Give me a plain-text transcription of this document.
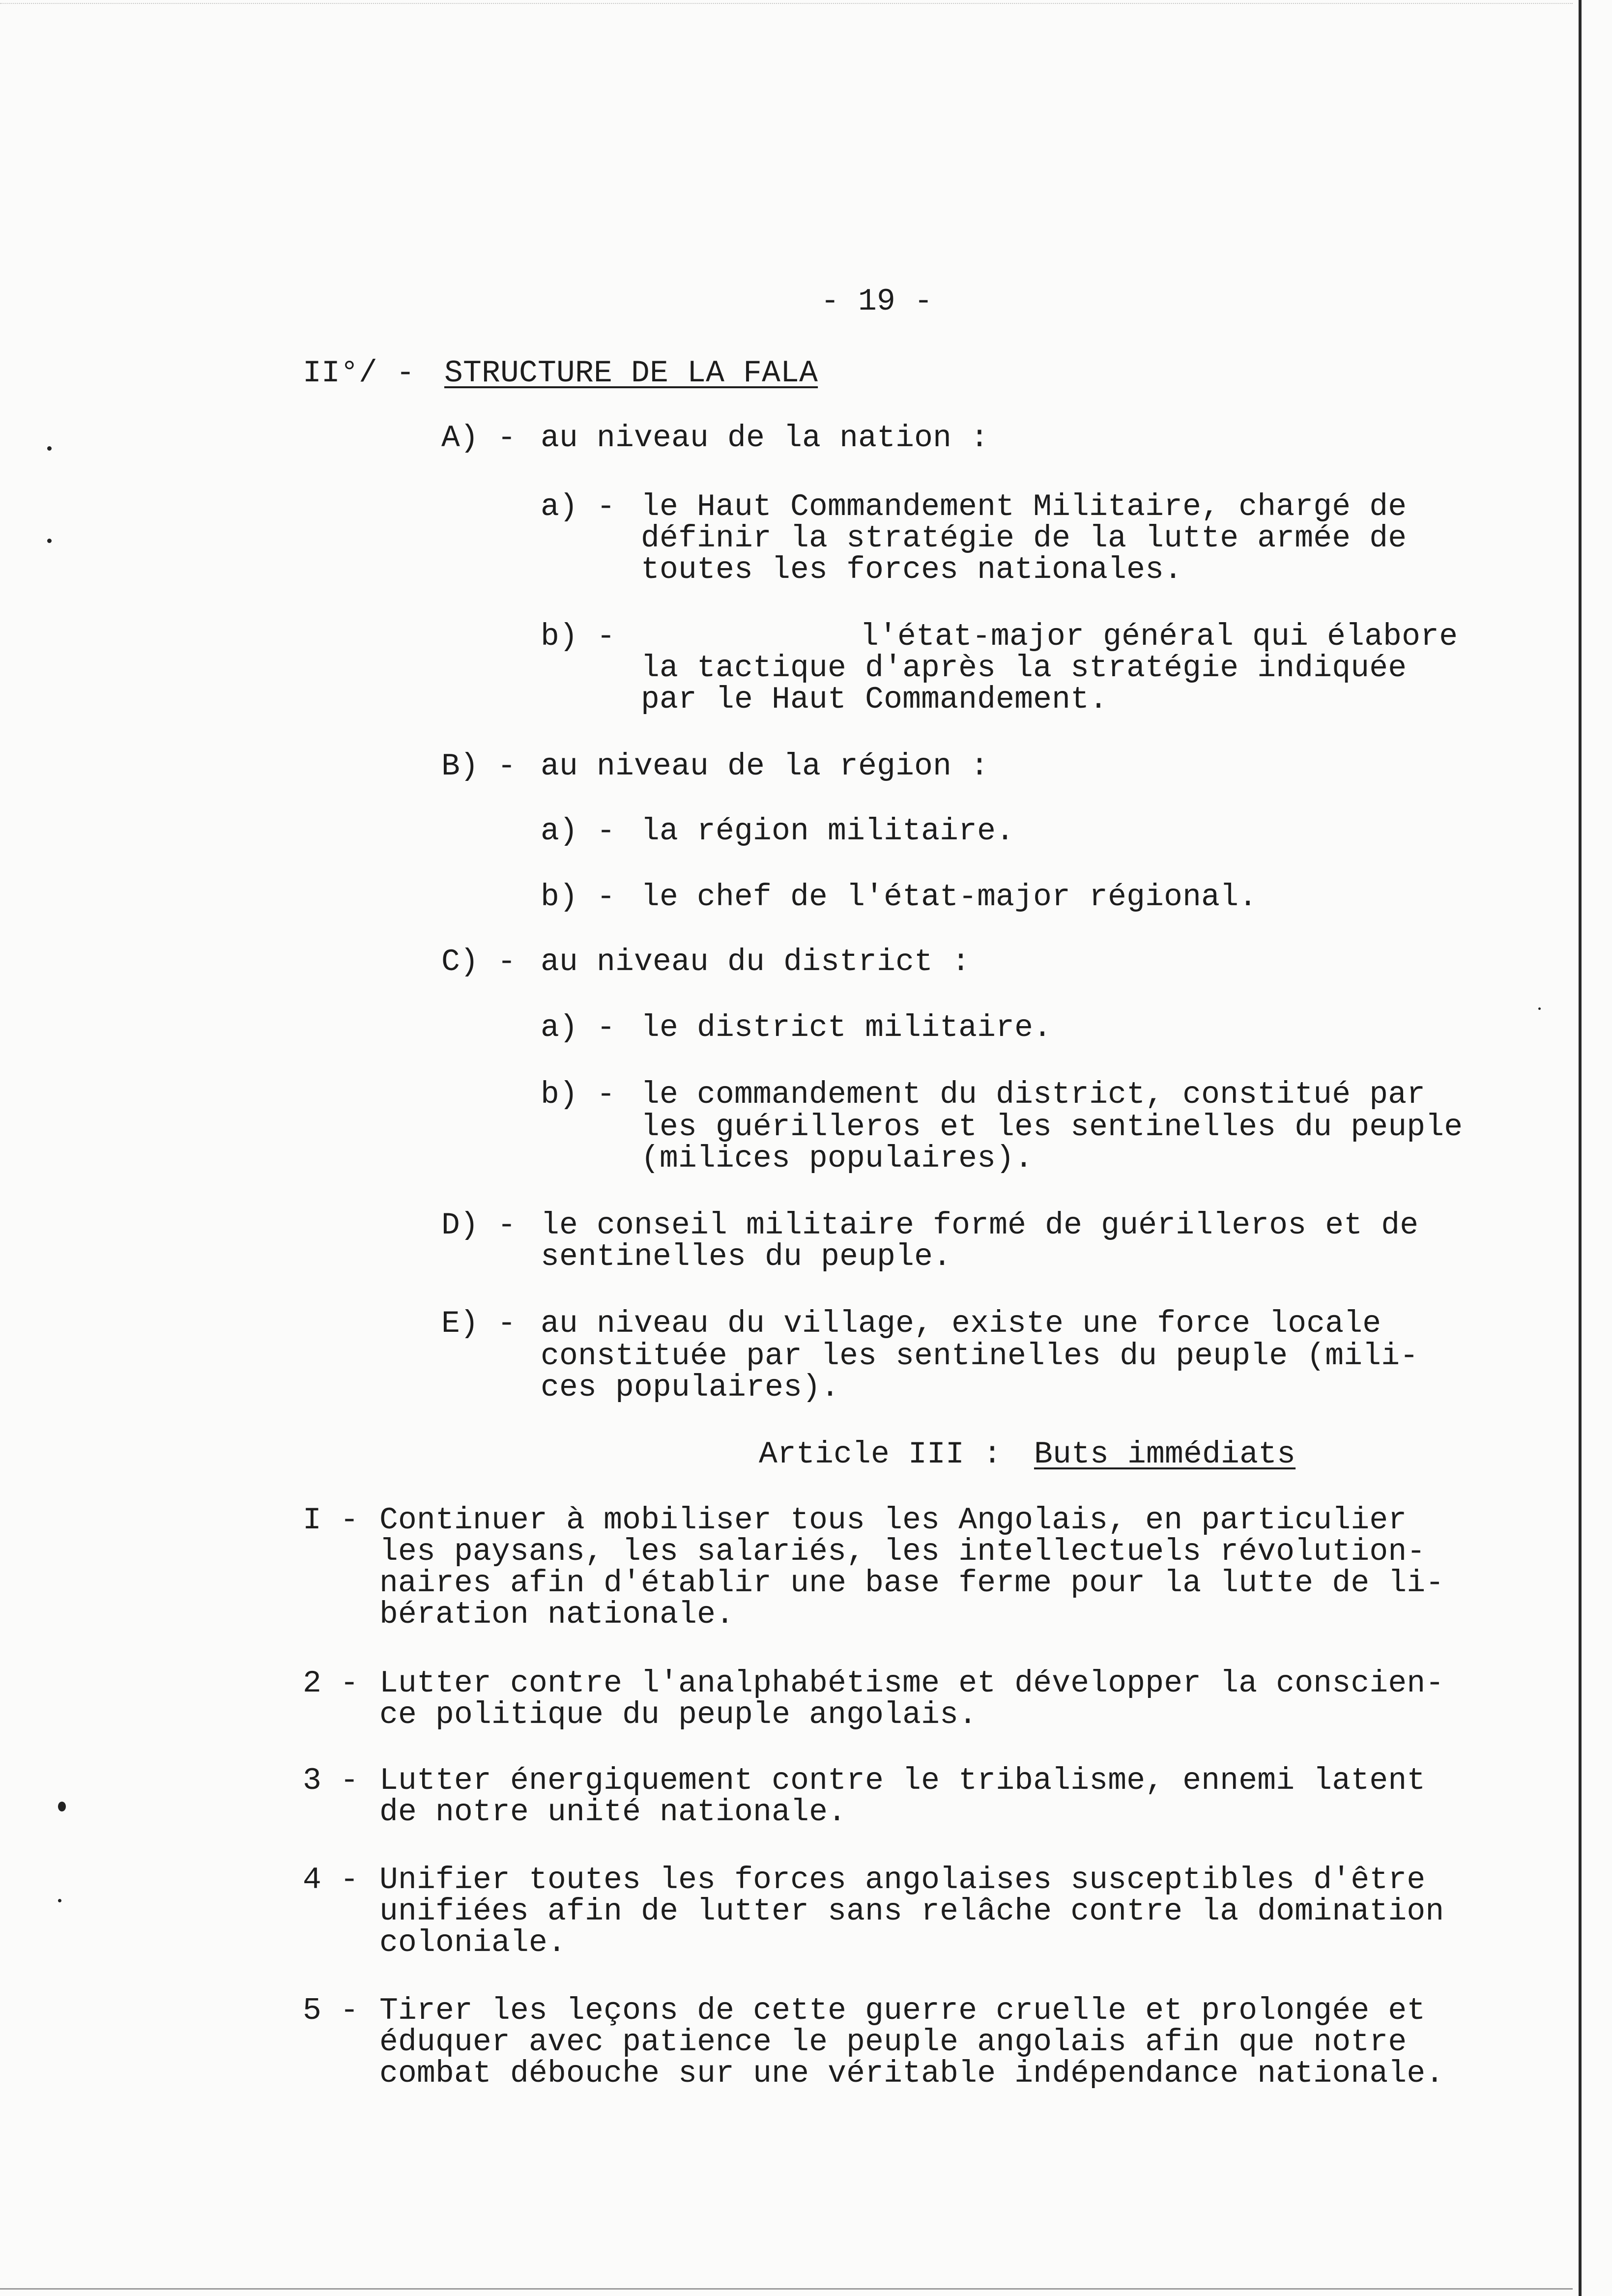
- 19 -
II°/ - STRUCTURE DE LA FALA
A) - au niveau de la nation :
a) - le Haut Commandement Militaire, chargé de
définir la stratégie de la lutte armée de
toutes les forces nationales.
b) -	l'état-major général qui élabore
la tactique d'après la stratégie indiquée
par le Haut Commandement.
B) - au niveau de la région :
a) - la région militaire.
b) - le chef de l'état-major régional.
C) - au niveau du district :
a) - le district militaire.
b) - le commandement du district, constitué par
les guérilleros et les sentinelles du peuple
(milices populaires).
D) - le conseil militaire formé de guérilleros et de
sentinelles du peuple.
E) - au niveau du village, existe une force locale
constituée par les sentinelles du peuple (mili-
ces populaires).
Article III : Buts immédiats
I - Continuer à mobiliser tous les Angolais, en particulier
les paysans, les salariés, les intellectuels révolution-
naires afin d'établir une base ferme pour la lutte de li-
bération nationale.
2 - Lutter contre l'analphabétisme et développer la conscien-
ce politique du peuple angolais.
3 - Lutter énergiquement contre le tribalisme, ennemi latent
de notre unité nationale.
4 - Unifier toutes les forces angolaises susceptibles d'être
unifiées afin de lutter sans relâche contre la domination
coloniale.
5 - Tirer les leçons de cette guerre cruelle et prolongée et
éduquer avec patience le peuple angolais afin que notre
combat débouche sur une véritable indépendance nationale.
